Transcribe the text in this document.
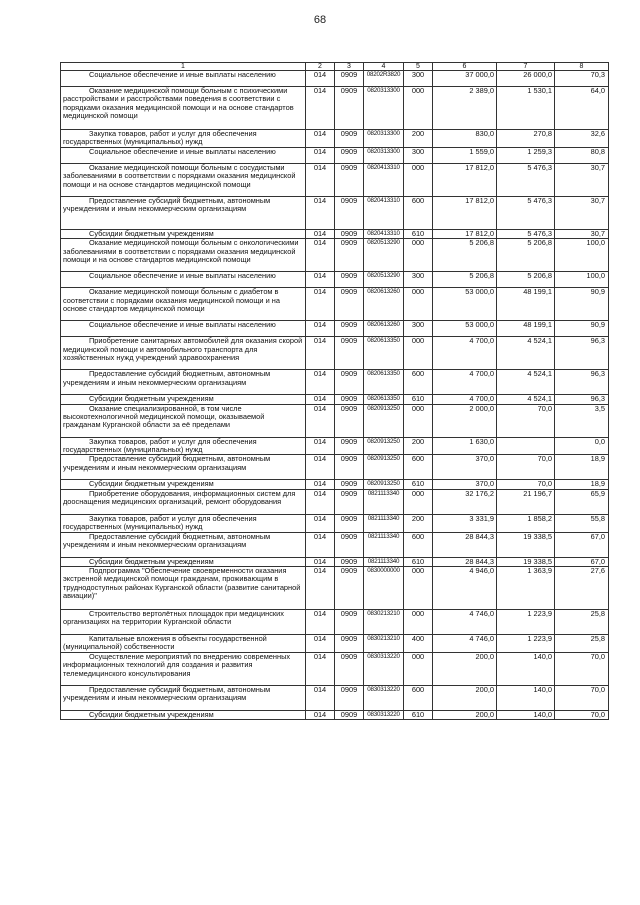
68
1	2	3	4	5	6	7	8
Социальное обеспечение и иные выплаты населению	014	0909	08202R3820	300	37 000,0	26 000,0	70,3
Оказание медицинской помощи больным с психическими расстройствами и расстройствами поведения в соответствии с порядками оказания медицинской помощи и на основе стандартов медицинской помощи	014	0909	0820313300	000	2 389,0	1 530,1	64,0
Закупка товаров, работ и услуг для обеспечения государственных (муниципальных) нужд	014	0909	0820313300	200	830,0	270,8	32,6
Социальное обеспечение и иные выплаты населению	014	0909	0820313300	300	1 559,0	1 259,3	80,8
Оказание медицинской помощи больным с сосудистыми заболеваниями в соответствии с порядками оказания медицинской помощи и на основе стандартов медицинской помощи	014	0909	0820413310	000	17 812,0	5 476,3	30,7
Предоставление субсидий бюджетным, автономным учреждениям и иным некоммерческим организациям	014	0909	0820413310	600	17 812,0	5 476,3	30,7
Субсидии бюджетным учреждениям	014	0909	0820413310	610	17 812,0	5 476,3	30,7
Оказание медицинской помощи больным с онкологическими заболеваниями в соответствии с порядками оказания медицинской помощи и на основе стандартов медицинской помощи	014	0909	0820513290	000	5 206,8	5 206,8	100,0
Социальное обеспечение и иные выплаты населению	014	0909	0820513290	300	5 206,8	5 206,8	100,0
Оказание медицинской помощи больным с диабетом в соответствии с порядками оказания медицинской помощи и на основе стандартов медицинской помощи	014	0909	0820613260	000	53 000,0	48 199,1	90,9
Социальное обеспечение и иные выплаты населению	014	0909	0820613260	300	53 000,0	48 199,1	90,9
Приобретение санитарных автомобилей для оказания скорой медицинской помощи и автомобильного транспорта для хозяйственных нужд учреждений здравоохранения	014	0909	0820613350	000	4 700,0	4 524,1	96,3
Предоставление субсидий бюджетным, автономным учреждениям и иным некоммерческим организациям	014	0909	0820613350	600	4 700,0	4 524,1	96,3
Субсидии бюджетным учреждениям	014	0909	0820613350	610	4 700,0	4 524,1	96,3
Оказание специализированной, в том числе высокотехнологичной медицинской помощи, оказываемой гражданам Курганской области за её пределами	014	0909	0820913250	000	2 000,0	70,0	3,5
Закупка товаров, работ и услуг для обеспечения государственных (муниципальных) нужд	014	0909	0820913250	200	1 630,0		0,0
Предоставление субсидий бюджетным, автономным учреждениям и иным некоммерческим организациям	014	0909	0820913250	600	370,0	70,0	18,9
Субсидии бюджетным учреждениям	014	0909	0820913250	610	370,0	70,0	18,9
Приобретение оборудования, информационных систем для дооснащения медицинских организаций, ремонт оборудования	014	0909	0821113340	000	32 176,2	21 196,7	65,9
Закупка товаров, работ и услуг для обеспечения государственных (муниципальных) нужд	014	0909	0821113340	200	3 331,9	1 858,2	55,8
Предоставление субсидий бюджетным, автономным учреждениям и иным некоммерческим организациям	014	0909	0821113340	600	28 844,3	19 338,5	67,0
Субсидии бюджетным учреждениям	014	0909	0821113340	610	28 844,3	19 338,5	67,0
Подпрограмма "Обеспечение своевременности оказания экстренной медицинской помощи гражданам, проживающим в труднодоступных районах Курганской области (развитие санитарной авиации)"	014	0909	0830000000	000	4 946,0	1 363,9	27,6
Строительство вертолётных площадок при медицинских организациях на территории Курганской области	014	0909	0830213210	000	4 746,0	1 223,9	25,8
Капитальные вложения в объекты государственной (муниципальной) собственности	014	0909	0830213210	400	4 746,0	1 223,9	25,8
Осуществление мероприятий по внедрению современных информационных технологий для создания и развития телемедицинского консультирования	014	0909	0830313220	000	200,0	140,0	70,0
Предоставление субсидий бюджетным, автономным учреждениям и иным некоммерческим организациям	014	0909	0830313220	600	200,0	140,0	70,0
Субсидии бюджетным учреждениям	014	0909	0830313220	610	200,0	140,0	70,0
